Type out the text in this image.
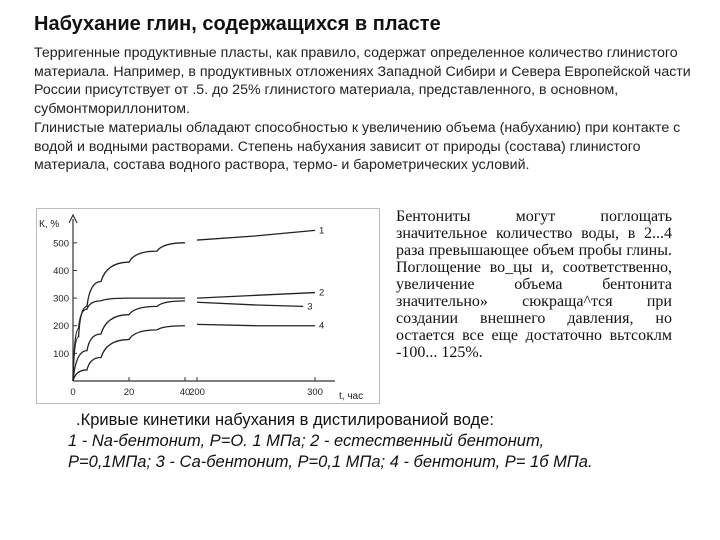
Набухание глин, содержащихся в пласте

Терригенные продуктивные пласты, как правило, содержат определенное количество глинистого материала. Например, в продуктивных отложениях Западной Сибири и Севера Европейской части России присутствует от .5. до 25% глинистого материала, представленного, в основном, субмонтмориллонитом.

Глинистые материалы обладают способностью к увеличению объема (набуханию) при контакте с водой и водными растворами. Степень набухания зависит от природы (состава) глинистого материала, состава водного раствора, термо- и барометрических условий.

К, %
t, час
100
200
300
400
500
0	20	40
200	300
1
2
3
4
Бентониты могут поглощать значительное количество воды, в 2...4 раза превышающее объем пробы глины. Поглощение во_цы и, соответственно, увеличение объема бентонита значительно» сюкраща^тся при создании внешнего давления, но остается все еще достаточно вьтсоклм -100... 125%.
.Кривые кинетики набухания в дистилированиой воде:
1 - Na-бентонит, Р=О. 1 МПа; 2 - естественный бентонит,
Р=0,1МПа; 3 - Са-бентонит, Р=0,1 МПа; 4 - бентонит, Р= 1б МПа.
